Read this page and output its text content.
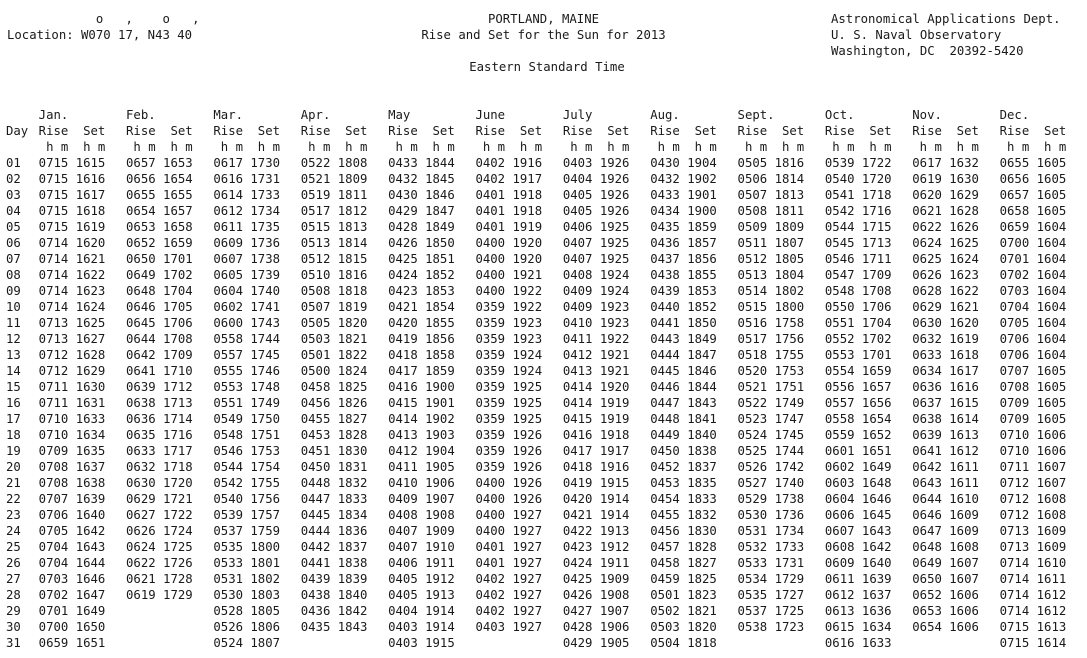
o   ,    o   ,
Location: W070 17, N43 40
PORTLAND, MAINE
Rise and Set for the Sun for 2013
Astronomical Applications Dept.
U. S. Naval Observatory
Washington, DC  20392-5420
Eastern Standard Time
	Jan.	Feb.	Mar.	Apr.	May	June	July	Aug.	Sept.	Oct.	Nov.	Dec.
Day	Rise  Set	Rise  Set	Rise  Set	Rise  Set	Rise  Set	Rise  Set	Rise  Set	Rise  Set	Rise  Set	Rise  Set	Rise  Set	Rise  Set
	h m  h m	h m  h m	h m  h m	h m  h m	h m  h m	h m  h m	h m  h m	h m  h m	h m  h m	h m  h m	h m  h m	h m  h m
01	0715 1615	0657 1653	0617 1730	0522 1808	0433 1844	0402 1916	0403 1926	0430 1904	0505 1816	0539 1722	0617 1632	0655 1605
02	0715 1616	0656 1654	0616 1731	0521 1809	0432 1845	0402 1917	0404 1926	0432 1902	0506 1814	0540 1720	0619 1630	0656 1605
03	0715 1617	0655 1655	0614 1733	0519 1811	0430 1846	0401 1918	0405 1926	0433 1901	0507 1813	0541 1718	0620 1629	0657 1605
04	0715 1618	0654 1657	0612 1734	0517 1812	0429 1847	0401 1918	0405 1926	0434 1900	0508 1811	0542 1716	0621 1628	0658 1605
05	0715 1619	0653 1658	0611 1735	0515 1813	0428 1849	0401 1919	0406 1925	0435 1859	0509 1809	0544 1715	0622 1626	0659 1604
06	0714 1620	0652 1659	0609 1736	0513 1814	0426 1850	0400 1920	0407 1925	0436 1857	0511 1807	0545 1713	0624 1625	0700 1604
07	0714 1621	0650 1701	0607 1738	0512 1815	0425 1851	0400 1920	0407 1925	0437 1856	0512 1805	0546 1711	0625 1624	0701 1604
08	0714 1622	0649 1702	0605 1739	0510 1816	0424 1852	0400 1921	0408 1924	0438 1855	0513 1804	0547 1709	0626 1623	0702 1604
09	0714 1623	0648 1704	0604 1740	0508 1818	0423 1853	0400 1922	0409 1924	0439 1853	0514 1802	0548 1708	0628 1622	0703 1604
10	0714 1624	0646 1705	0602 1741	0507 1819	0421 1854	0359 1922	0409 1923	0440 1852	0515 1800	0550 1706	0629 1621	0704 1604
11	0713 1625	0645 1706	0600 1743	0505 1820	0420 1855	0359 1923	0410 1923	0441 1850	0516 1758	0551 1704	0630 1620	0705 1604
12	0713 1627	0644 1708	0558 1744	0503 1821	0419 1856	0359 1923	0411 1922	0443 1849	0517 1756	0552 1702	0632 1619	0706 1604
13	0712 1628	0642 1709	0557 1745	0501 1822	0418 1858	0359 1924	0412 1921	0444 1847	0518 1755	0553 1701	0633 1618	0706 1604
14	0712 1629	0641 1710	0555 1746	0500 1824	0417 1859	0359 1924	0413 1921	0445 1846	0520 1753	0554 1659	0634 1617	0707 1605
15	0711 1630	0639 1712	0553 1748	0458 1825	0416 1900	0359 1925	0414 1920	0446 1844	0521 1751	0556 1657	0636 1616	0708 1605
16	0711 1631	0638 1713	0551 1749	0456 1826	0415 1901	0359 1925	0414 1919	0447 1843	0522 1749	0557 1656	0637 1615	0709 1605
17	0710 1633	0636 1714	0549 1750	0455 1827	0414 1902	0359 1925	0415 1919	0448 1841	0523 1747	0558 1654	0638 1614	0709 1605
18	0710 1634	0635 1716	0548 1751	0453 1828	0413 1903	0359 1926	0416 1918	0449 1840	0524 1745	0559 1652	0639 1613	0710 1606
19	0709 1635	0633 1717	0546 1753	0451 1830	0412 1904	0359 1926	0417 1917	0450 1838	0525 1744	0601 1651	0641 1612	0710 1606
20	0708 1637	0632 1718	0544 1754	0450 1831	0411 1905	0359 1926	0418 1916	0452 1837	0526 1742	0602 1649	0642 1611	0711 1607
21	0708 1638	0630 1720	0542 1755	0448 1832	0410 1906	0400 1926	0419 1915	0453 1835	0527 1740	0603 1648	0643 1611	0712 1607
22	0707 1639	0629 1721	0540 1756	0447 1833	0409 1907	0400 1926	0420 1914	0454 1833	0529 1738	0604 1646	0644 1610	0712 1608
23	0706 1640	0627 1722	0539 1757	0445 1834	0408 1908	0400 1927	0421 1914	0455 1832	0530 1736	0606 1645	0646 1609	0712 1608
24	0705 1642	0626 1724	0537 1759	0444 1836	0407 1909	0400 1927	0422 1913	0456 1830	0531 1734	0607 1643	0647 1609	0713 1609
25	0704 1643	0624 1725	0535 1800	0442 1837	0407 1910	0401 1927	0423 1912	0457 1828	0532 1733	0608 1642	0648 1608	0713 1609
26	0704 1644	0622 1726	0533 1801	0441 1838	0406 1911	0401 1927	0424 1911	0458 1827	0533 1731	0609 1640	0649 1607	0714 1610
27	0703 1646	0621 1728	0531 1802	0439 1839	0405 1912	0402 1927	0425 1909	0459 1825	0534 1729	0611 1639	0650 1607	0714 1611
28	0702 1647	0619 1729	0530 1803	0438 1840	0405 1913	0402 1927	0426 1908	0501 1823	0535 1727	0612 1637	0652 1606	0714 1612
29	0701 1649		0528 1805	0436 1842	0404 1914	0402 1927	0427 1907	0502 1821	0537 1725	0613 1636	0653 1606	0714 1612
30	0700 1650		0526 1806	0435 1843	0403 1914	0403 1927	0428 1906	0503 1820	0538 1723	0615 1634	0654 1606	0715 1613
31	0659 1651		0524 1807		0403 1915		0429 1905	0504 1818		0616 1633		0715 1614
